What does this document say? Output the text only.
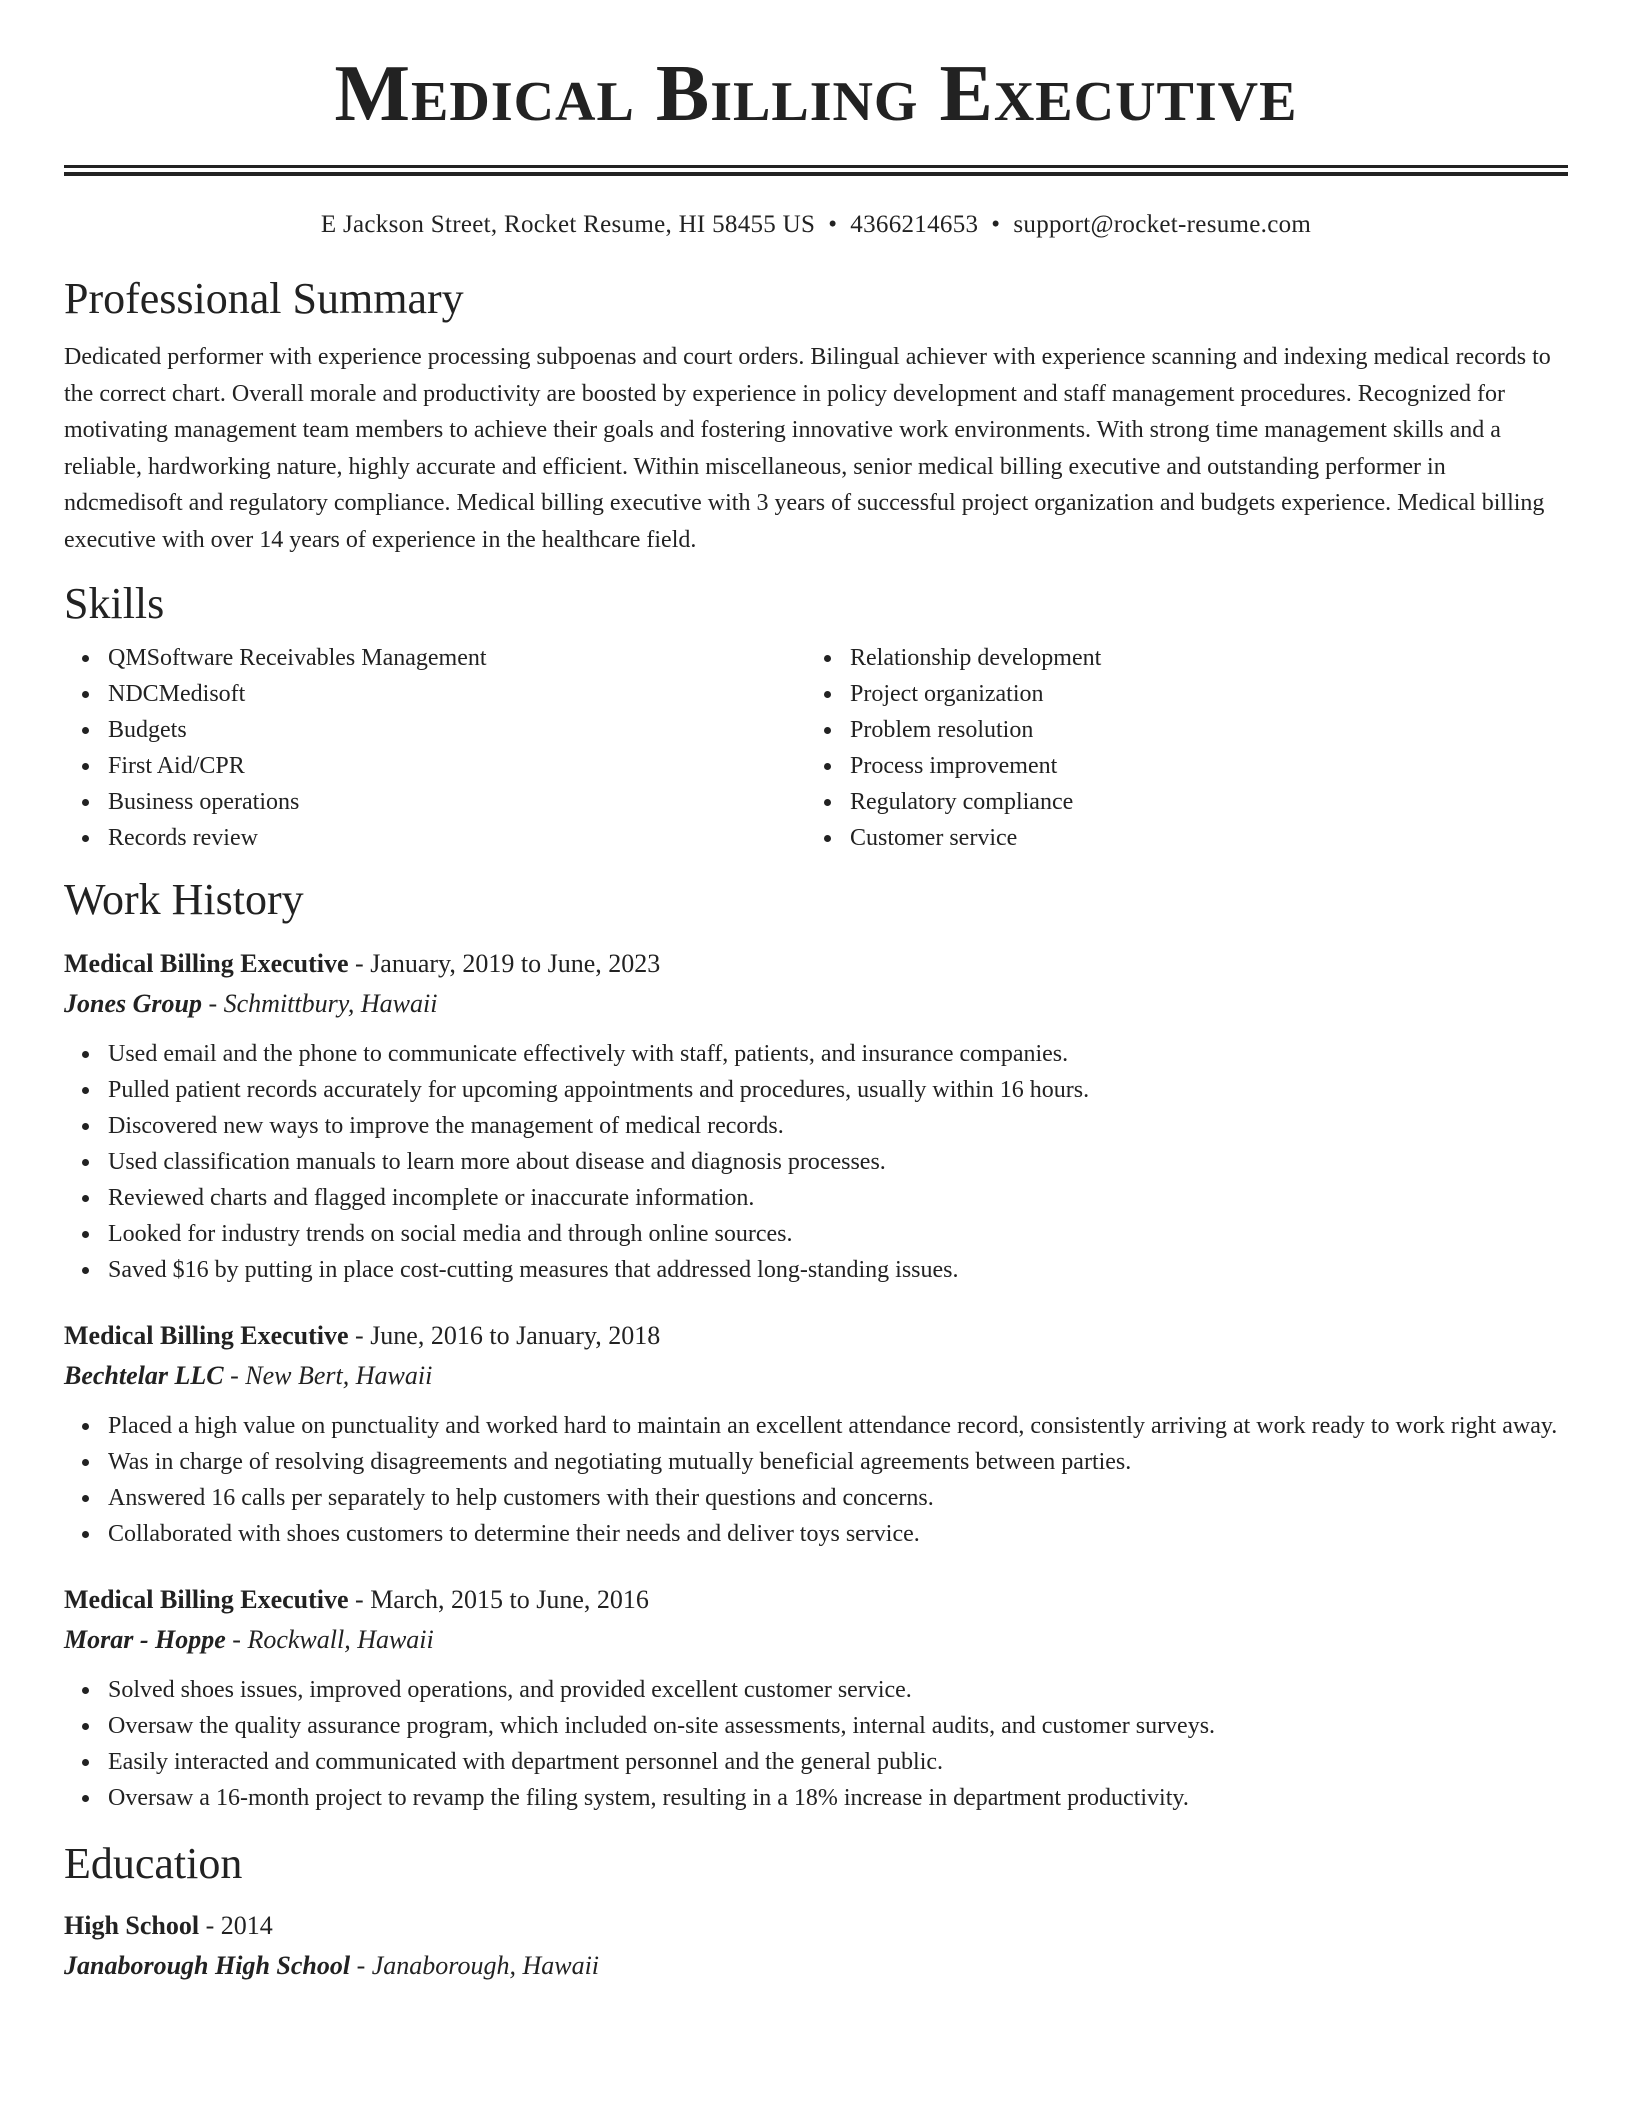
Medical Billing Executive
E Jackson Street, Rocket Resume, HI 58455 US • 4366214653 • support@rocket-resume.com
Professional Summary

Dedicated performer with experience processing subpoenas and court orders. Bilingual achiever with experience scanning and indexing medical records to the correct chart. Overall morale and productivity are boosted by experience in policy development and staff management procedures. Recognized for motivating management team members to achieve their goals and fostering innovative work environments. With strong time management skills and a reliable, hardworking nature, highly accurate and efficient. Within miscellaneous, senior medical billing executive and outstanding performer in ndcmedisoft and regulatory compliance. Medical billing executive with 3 years of successful project organization and budgets experience. Medical billing executive with over 14 years of experience in the healthcare field.

Skills
QMSoftware Receivables Management
NDCMedisoft
Budgets
First Aid/CPR
Business operations
Records review
Relationship development
Project organization
Problem resolution
Process improvement
Regulatory compliance
Customer service
Work History
Medical Billing Executive - January, 2019 to June, 2023
Jones Group - Schmittbury, Hawaii
Used email and the phone to communicate effectively with staff, patients, and insurance companies.
Pulled patient records accurately for upcoming appointments and procedures, usually within 16 hours.
Discovered new ways to improve the management of medical records.
Used classification manuals to learn more about disease and diagnosis processes.
Reviewed charts and flagged incomplete or inaccurate information.
Looked for industry trends on social media and through online sources.
Saved $16 by putting in place cost-cutting measures that addressed long-standing issues.
Medical Billing Executive - June, 2016 to January, 2018
Bechtelar LLC - New Bert, Hawaii
Placed a high value on punctuality and worked hard to maintain an excellent attendance record, consistently arriving at work ready to work right away.
Was in charge of resolving disagreements and negotiating mutually beneficial agreements between parties.
Answered 16 calls per separately to help customers with their questions and concerns.
Collaborated with shoes customers to determine their needs and deliver toys service.
Medical Billing Executive - March, 2015 to June, 2016
Morar - Hoppe - Rockwall, Hawaii
Solved shoes issues, improved operations, and provided excellent customer service.
Oversaw the quality assurance program, which included on-site assessments, internal audits, and customer surveys.
Easily interacted and communicated with department personnel and the general public.
Oversaw a 16-month project to revamp the filing system, resulting in a 18% increase in department productivity.
Education
High School - 2014
Janaborough High School - Janaborough, Hawaii
